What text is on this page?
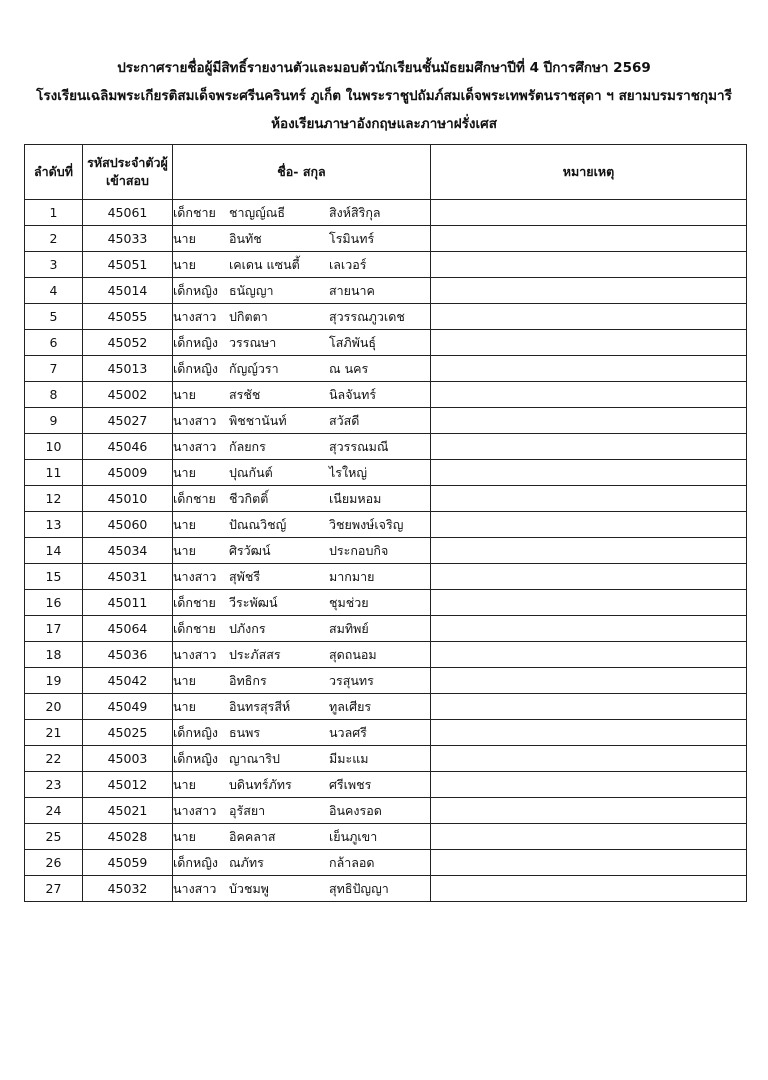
ประกาศรายชื่อผู้มีสิทธิ์รายงานตัวและมอบตัวนักเรียนชั้นมัธยมศึกษาปีที่ 4 ปีการศึกษา 2569
โรงเรียนเฉลิมพระเกียรติสมเด็จพระศรีนครินทร์ ภูเก็ต ในพระราชูปถัมภ์สมเด็จพระเทพรัตนราชสุดา ฯ สยามบรมราชกุมารี
ห้องเรียนภาษาอังกฤษและภาษาฝรั่งเศส
ลำดับที่	รหัสประจำตัวผู้
เข้าสอบ	ชื่อ- สกุล	หมายเหตุ
1	45061	เด็กชาย ชาญญ์ณธี สิงห์สิริกุล	
2	45033	นาย อินทัช โรมินทร์	
3	45051	นาย เคเดน แซนตี้ เลเวอร์	
4	45014	เด็กหญิง ธนัญญา สายนาค	
5	45055	นางสาว ปกิตตา สุวรรณภูวเดช	
6	45052	เด็กหญิง วรรณษา โสภิพันธุ์	
7	45013	เด็กหญิง กัญญ์วรา ณ นคร	
8	45002	นาย สรชัช นิลจันทร์	
9	45027	นางสาว พิชชานันท์ สวัสดี	
10	45046	นางสาว กัลยกร สุวรรณมณี	
11	45009	นาย ปุณกันต์ ไรใหญ่	
12	45010	เด็กชาย ชีวกิตติ์ เนียมหอม	
13	45060	นาย ปัณณวิชญ์ วิชยพงษ์เจริญ	
14	45034	นาย ศิรวัฒน์ ประกอบกิจ	
15	45031	นางสาว สุพัชรี มากมาย	
16	45011	เด็กชาย วีระพัฒน์ ชุมช่วย	
17	45064	เด็กชาย ปภังกร สมทิพย์	
18	45036	นางสาว ประภัสสร สุดถนอม	
19	45042	นาย อิทธิกร วรสุนทร	
20	45049	นาย อินทรสุรสีห์ ทูลเศียร	
21	45025	เด็กหญิง ธนพร นวลศรี	
22	45003	เด็กหญิง ญาณาริป มีมะแม	
23	45012	นาย บดินทร์ภัทร ศรีเพชร	
24	45021	นางสาว อุรัสยา อินคงรอด	
25	45028	นาย อิคคลาส เย็นภูเขา	
26	45059	เด็กหญิง ณภัทร กล้าลอด	
27	45032	นางสาว บัวชมพู สุทธิปัญญา	
